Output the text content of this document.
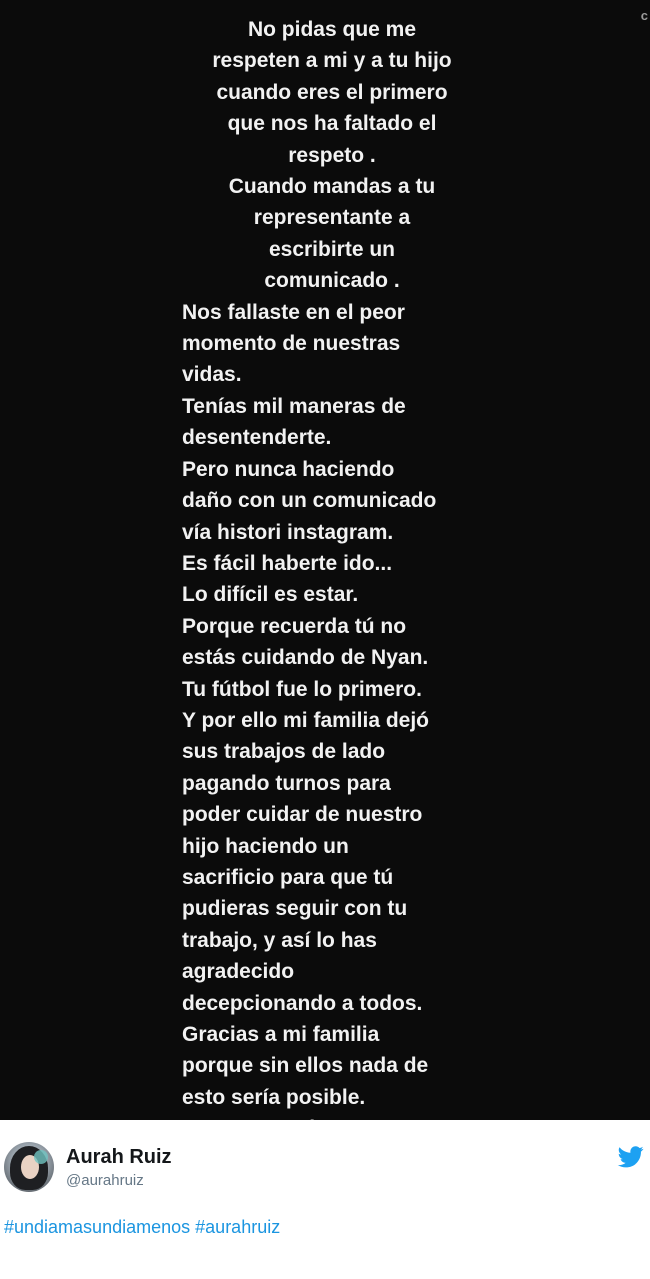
c
No pidas que me
respeten a mi y a tu hijo
cuando eres el primero
que nos ha faltado el
respeto .
Cuando mandas a tu
representante a
escribirte un
comunicado .
Nos fallaste en el peor
momento de nuestras
vidas.
Tenías mil maneras de
desentenderte.
Pero nunca haciendo
daño con un comunicado
vía histori instagram.
Es fácil haberte ido...
Lo difícil es estar.
Porque recuerda tú no
estás cuidando de Nyan.
Tu fútbol fue lo primero.
Y por ello mi familia dejó
sus trabajos de lado
pagando turnos para
poder cuidar de nuestro
hijo haciendo un
sacrificio para que tú
pudieras seguir con tu
trabajo, y así lo has
agradecido
decepcionando a todos.
Gracias a mi familia
porque sin ellos nada de
esto sería posible.
Aurah Ruiz
@aurahruiz
#undiamasundiamenos #aurahruiz
